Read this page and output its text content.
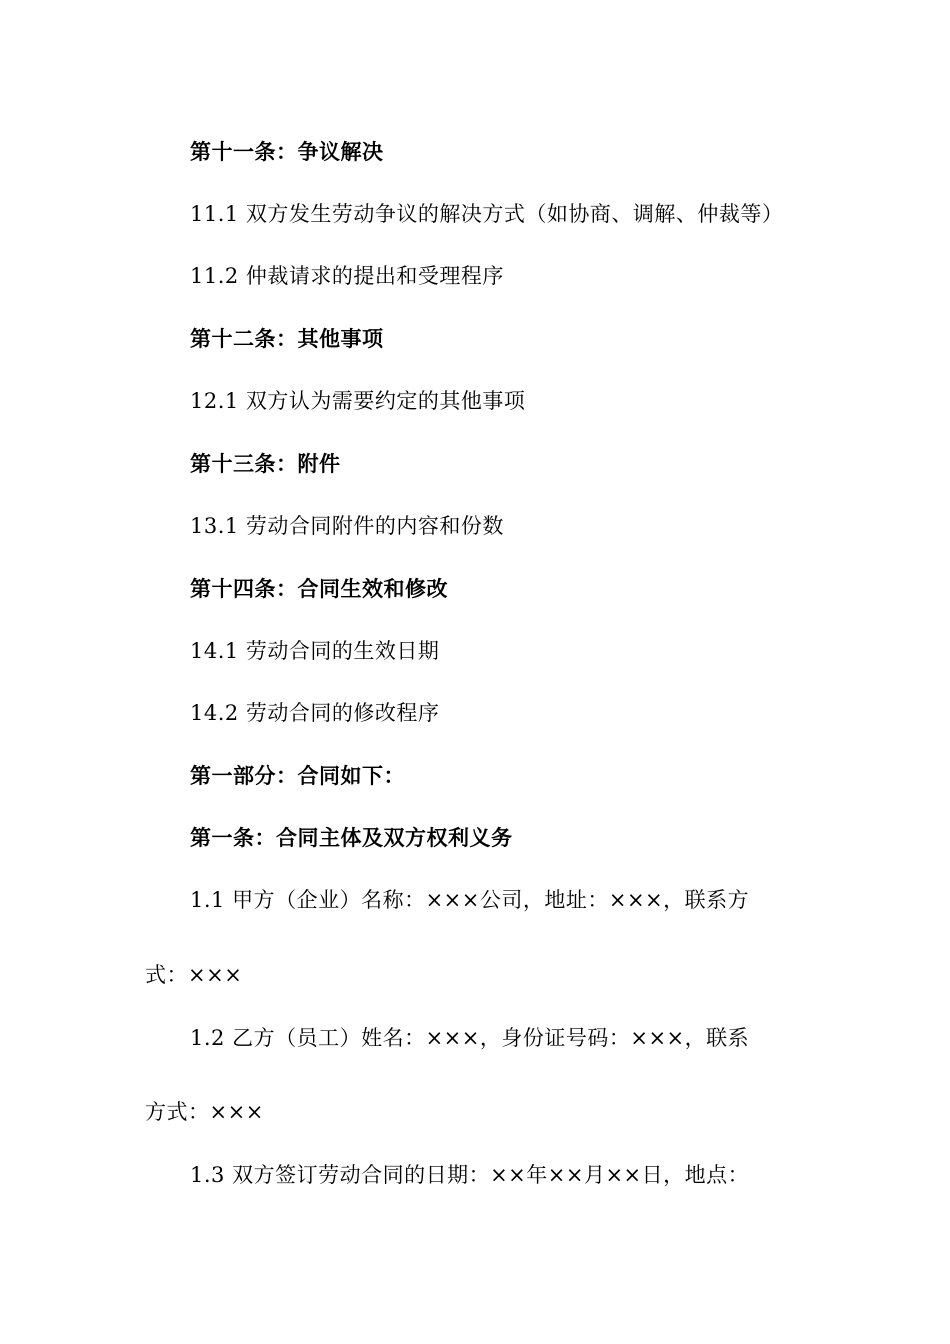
第十一条：争议解决
11.1 双方发生劳动争议的解决方式（如协商、调解、仲裁等）
11.2 仲裁请求的提出和受理程序
第十二条：其他事项
12.1 双方认为需要约定的其他事项
第十三条：附件
13.1 劳动合同附件的内容和份数
第十四条：合同生效和修改
14.1 劳动合同的生效日期
14.2 劳动合同的修改程序
第一部分：合同如下：
第一条：合同主体及双方权利义务
1.1 甲方（企业）名称：×××公司，地址：×××，联系方
式：×××
1.2 乙方（员工）姓名：×××，身份证号码：×××，联系
方式：×××
1.3 双方签订劳动合同的日期：××年××月××日，地点：
